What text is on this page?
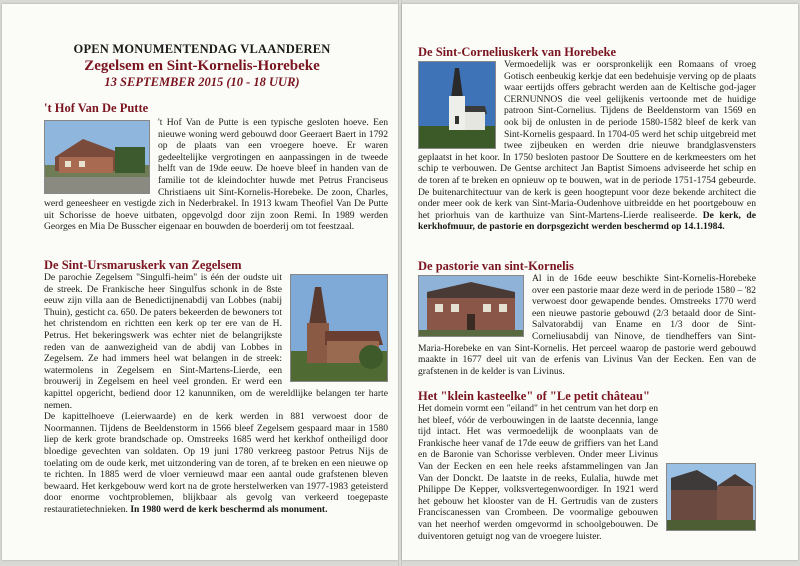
OPEN MONUMENTENDAG VLAANDEREN
Zegelsem en Sint-Kornelis-Horebeke
13 SEPTEMBER 2015 (10 - 18 UUR)
't Hof Van De Putte

't Hof Van de Putte is een typische gesloten hoeve. Een nieuwe woning werd gebouwd door Geeraert Baert in 1792 op de plaats van een vroegere hoeve. Er waren gedeeltelijke vergrotingen en aanpassingen in de tweede helft van de 19de eeuw. De hoeve bleef in handen van de familie tot de kleindochter huwde met Petrus Franciseus Christiaens uit Sint-Kornelis-Horebeke. De zoon, Charles, werd geneesheer en vestigde zich in Nederbrakel. In 1913 kwam Theofiel Van De Putte uit Schorisse de hoeve uitbaten, opgevolgd door zijn zoon Remi. In 1989 werden Georges en Mia De Busscher eigenaar en bouwden de boerderij om tot feestzaal.

De Sint-Ursmaruskerk van Zegelsem

De parochie Zegelsem "Singulfi-heim" is één der oudste uit de streek. De Frankische heer Singulfus schonk in de 8ste eeuw zijn villa aan de Benedictijnenabdij van Lobbes (nabij Thuin), gesticht ca. 650. De paters bekeerden de bewoners tot het christendom en richtten een kerk op ter ere van de H. Petrus. Het bekeringswerk was echter niet de belangrijkste reden van de aanwezigheid van de abdij van Lobbes in Zegelsem. Ze had immers heel wat belangen in de streek: watermolens in Zegelsem en Sint-Martens-Lierde, een brouwerij in Zegelsem en heel veel gronden. Er werd een kapittel opgericht, bediend door 12 kanunniken, om de wereldlijke belangen ter harte nemen.

De kapittelhoeve (Leierwaarde) en de kerk werden in 881 verwoest door de Noormannen. Tijdens de Beeldenstorm in 1566 bleef Zegelsem gespaard maar in 1580 liep de kerk grote brandschade op. Omstreeks 1685 werd het kerkhof ontheiligd door bloedige gevechten van soldaten. Op 19 juni 1780 verkreeg pastoor Petrus Nijs de toelating om de oude kerk, met uitzondering van de toren, af te breken en een nieuwe op te richten. In 1885 werd de vloer vernieuwd maar een aantal oude grafstenen bleven bewaard. Het kerkgebouw werd kort na de grote herstelwerken van 1977-1983 geteisterd door enorme vochtproblemen, blijkbaar als gevolg van verkeerd toegepaste restauratietechnieken. In 1980 werd de kerk beschermd als monument.

De Sint-Corneliuskerk van Horebeke

Vermoedelijk was er oorspronkelijk een Romaans of vroeg Gotisch eenbeukig kerkje dat een bedehuisje verving op de plaats waar eertijds offers gebracht werden aan de Keltische god-jager CERNUNNOS die veel gelijkenis vertoonde met de huidige patroon Sint-Cornelius. Tijdens de Beeldenstorm van 1569 en ook bij de onlusten in de periode 1580-1582 bleef de kerk van Sint-Kornelis gespaard. In 1704-05 werd het schip uitgebreid met twee zijbeuken en werden drie nieuwe brandglasvensters geplaatst in het koor. In 1750 besloten pastoor De Souttere en de kerkmeesters om het schip te verbouwen. De Gentse architect Jan Baptist Simoens adviseerde het schip en de toren af te breken en opnieuw op te bouwen, wat in de periode 1751-1754 gebeurde. De buitenarchitectuur van de kerk is geen hoogtepunt voor deze bekende architect die onder meer ook de kerk van Sint-Maria-Oudenhove uitbreidde en het poortgebouw en het priorhuis van de karthuize van Sint-Martens-Lierde realiseerde. De kerk, de kerkhofmuur, de pastorie en dorpsgezicht werden beschermd op 14.1.1984.

De pastorie van sint-Kornelis

Al in de 16de eeuw beschikte Sint-Kornelis-Horebeke over een pastorie maar deze werd in de periode 1580 – '82 verwoest door gewapende bendes. Omstreeks 1770 werd een nieuwe pastorie gebouwd (2/3 betaald door de Sint-Salvatorabdij van Ename en 1/3 door de Sint-Corneliusabdij van Ninove, de tiendheffers van Sint-Maria-Horebeke en van Sint-Kornelis. Het perceel waarop de pastorie werd gebouwd maakte in 1677 deel uit van de erfenis van Livinus Van der Eecken. Een van de grafstenen in de kelder is van Livinus.

Het "klein kasteelke" of "Le petit château"

Het domein vormt een "eiland" in het centrum van het dorp en het bleef, vóór de verbouwingen in de laatste decennia, lange tijd intact. Het was vermoedelijk de woonplaats van de Frankische heer vanaf de 17de eeuw de griffiers van het Land en de Baronie van Schorisse verbleven. Onder meer Livinus Van der Eecken en een hele reeks afstammelingen van Jan Van der Donckt. De laatste in de reeks, Eulalia, huwde met Philippe De Kepper, volksvertegenwoordiger. In 1921 werd het gebouw het klooster van de H. Gertrudis van de zusters Franciscanessen van Crombeen. De voormalige gebouwen van het neerhof werden omgevormd in schoolgebouwen. De duiventoren getuigt nog van de vroegere luister.
